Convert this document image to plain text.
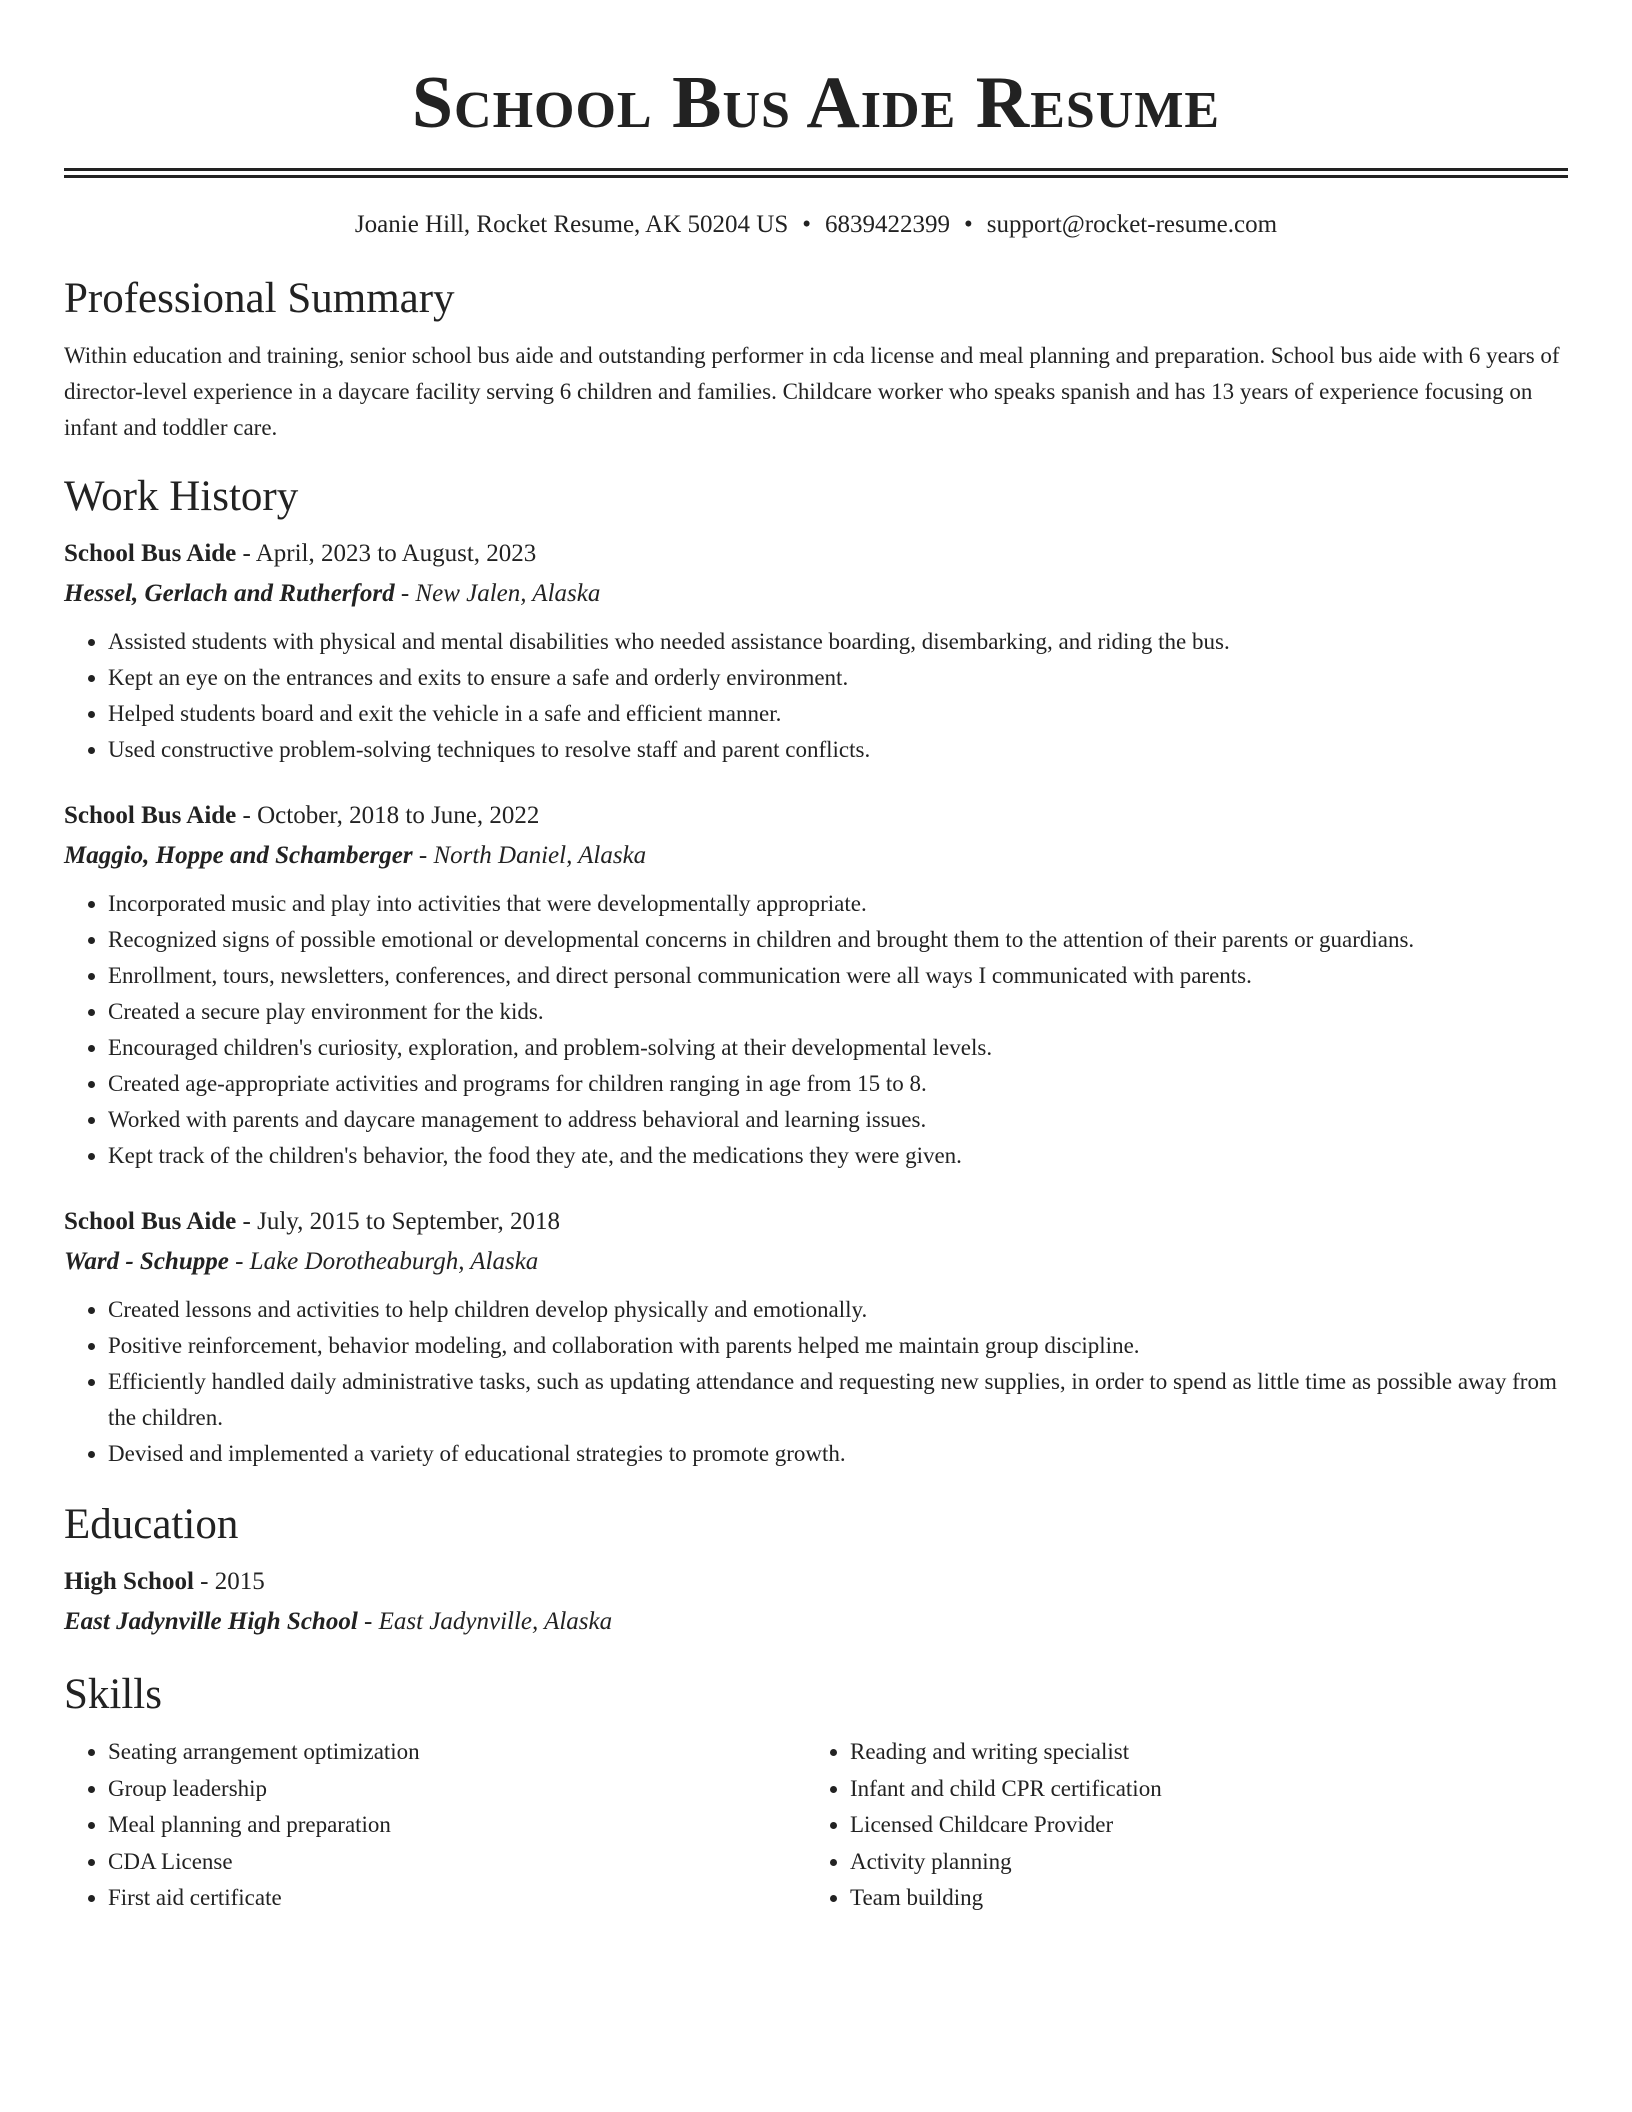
School Bus Aide Resume
Joanie Hill, Rocket Resume, AK 50204 US • 6839422399 • support@rocket-resume.com
Professional Summary
Within education and training, senior school bus aide and outstanding performer in cda license and meal planning and preparation. School bus aide with 6 years of director-level experience in a daycare facility serving 6 children and families. Childcare worker who speaks spanish and has 13 years of experience focusing on infant and toddler care.
Work History
School Bus Aide - April, 2023 to August, 2023
Hessel, Gerlach and Rutherford - New Jalen, Alaska
• Assisted students with physical and mental disabilities who needed assistance boarding, disembarking, and riding the bus.
• Kept an eye on the entrances and exits to ensure a safe and orderly environment.
• Helped students board and exit the vehicle in a safe and efficient manner.
• Used constructive problem-solving techniques to resolve staff and parent conflicts.
School Bus Aide - October, 2018 to June, 2022
Maggio, Hoppe and Schamberger - North Daniel, Alaska
• Incorporated music and play into activities that were developmentally appropriate.
• Recognized signs of possible emotional or developmental concerns in children and brought them to the attention of their parents or guardians.
• Enrollment, tours, newsletters, conferences, and direct personal communication were all ways I communicated with parents.
• Created a secure play environment for the kids.
• Encouraged children's curiosity, exploration, and problem-solving at their developmental levels.
• Created age-appropriate activities and programs for children ranging in age from 15 to 8.
• Worked with parents and daycare management to address behavioral and learning issues.
• Kept track of the children's behavior, the food they ate, and the medications they were given.
School Bus Aide - July, 2015 to September, 2018
Ward - Schuppe - Lake Dorotheaburgh, Alaska
• Created lessons and activities to help children develop physically and emotionally.
• Positive reinforcement, behavior modeling, and collaboration with parents helped me maintain group discipline.
• Efficiently handled daily administrative tasks, such as updating attendance and requesting new supplies, in order to spend as little time as possible away from the children.
• Devised and implemented a variety of educational strategies to promote growth.
Education
High School - 2015
East Jadynville High School - East Jadynville, Alaska
Skills
• Seating arrangement optimization
• Group leadership
• Meal planning and preparation
• CDA License
• First aid certificate
• Reading and writing specialist
• Infant and child CPR certification
• Licensed Childcare Provider
• Activity planning
• Team building
